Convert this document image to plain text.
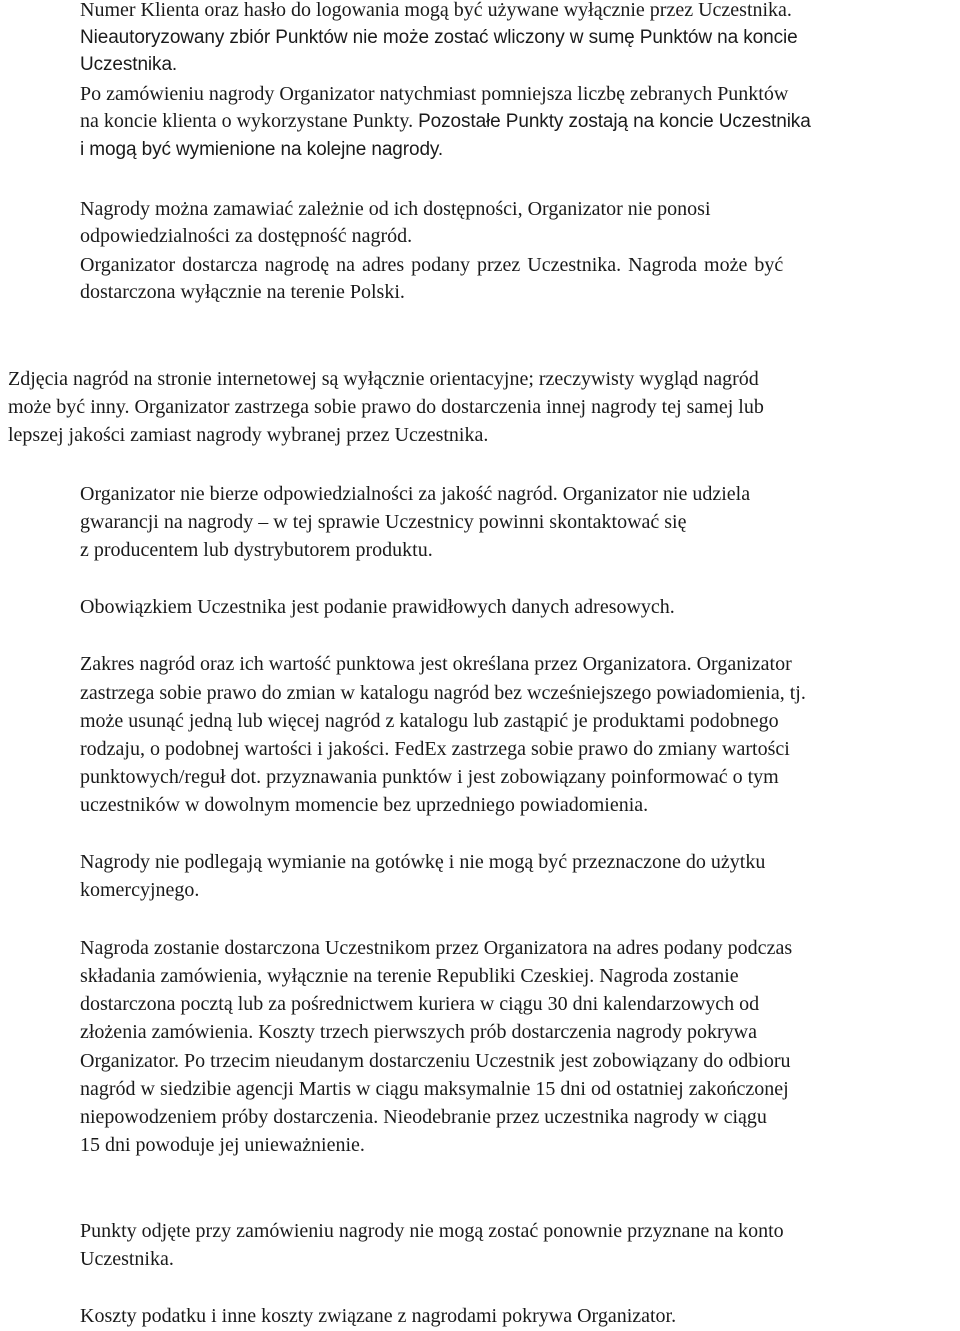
Numer Klienta oraz hasło do logowania mogą być używane wyłącznie przez Uczestnika.

Nieautoryzowany zbiór Punktów nie może zostać wliczony w sumę Punktów na koncie

Uczestnika.

Po zamówieniu nagrody Organizator natychmiast pomniejsza liczbę zebranych Punktów

na koncie klienta o wykorzystane Punkty. Pozostałe Punkty zostają na koncie Uczestnika

i mogą być wymienione na kolejne nagrody.

Nagrody można zamawiać zależnie od ich dostępności, Organizator nie ponosi

odpowiedzialności za dostępność nagród.

Organizator dostarcza nagrodę na adres podany przez Uczestnika. Nagroda może być

dostarczona wyłącznie na terenie Polski.

Zdjęcia nagród na stronie internetowej są wyłącznie orientacyjne; rzeczywisty wygląd nagród

może być inny. Organizator zastrzega sobie prawo do dostarczenia innej nagrody tej samej lub

lepszej jakości zamiast nagrody wybranej przez Uczestnika.

Organizator nie bierze odpowiedzialności za jakość nagród. Organizator nie udziela

gwarancji na nagrody – w tej sprawie Uczestnicy powinni skontaktować się

z producentem lub dystrybutorem produktu.

Obowiązkiem Uczestnika jest podanie prawidłowych danych adresowych.

Zakres nagród oraz ich wartość punktowa jest określana przez Organizatora. Organizator

zastrzega sobie prawo do zmian w katalogu nagród bez wcześniejszego powiadomienia, tj.

może usunąć jedną lub więcej nagród z katalogu lub zastąpić je produktami podobnego

rodzaju, o podobnej wartości i jakości. FedEx zastrzega sobie prawo do zmiany wartości

punktowych/reguł dot. przyznawania punktów i jest zobowiązany poinformować o tym

uczestników w dowolnym momencie bez uprzedniego powiadomienia.

Nagrody nie podlegają wymianie na gotówkę i nie mogą być przeznaczone do użytku

komercyjnego.

Nagroda zostanie dostarczona Uczestnikom przez Organizatora na adres podany podczas

składania zamówienia, wyłącznie na terenie Republiki Czeskiej. Nagroda zostanie

dostarczona pocztą lub za pośrednictwem kuriera w ciągu 30 dni kalendarzowych od

złożenia zamówienia. Koszty trzech pierwszych prób dostarczenia nagrody pokrywa

Organizator. Po trzecim nieudanym dostarczeniu Uczestnik jest zobowiązany do odbioru

nagród w siedzibie agencji Martis w ciągu maksymalnie 15 dni od ostatniej zakończonej

niepowodzeniem próby dostarczenia. Nieodebranie przez uczestnika nagrody w ciągu

15 dni powoduje jej unieważnienie.

Punkty odjęte przy zamówieniu nagrody nie mogą zostać ponownie przyznane na konto

Uczestnika.

Koszty podatku i inne koszty związane z nagrodami pokrywa Organizator.
